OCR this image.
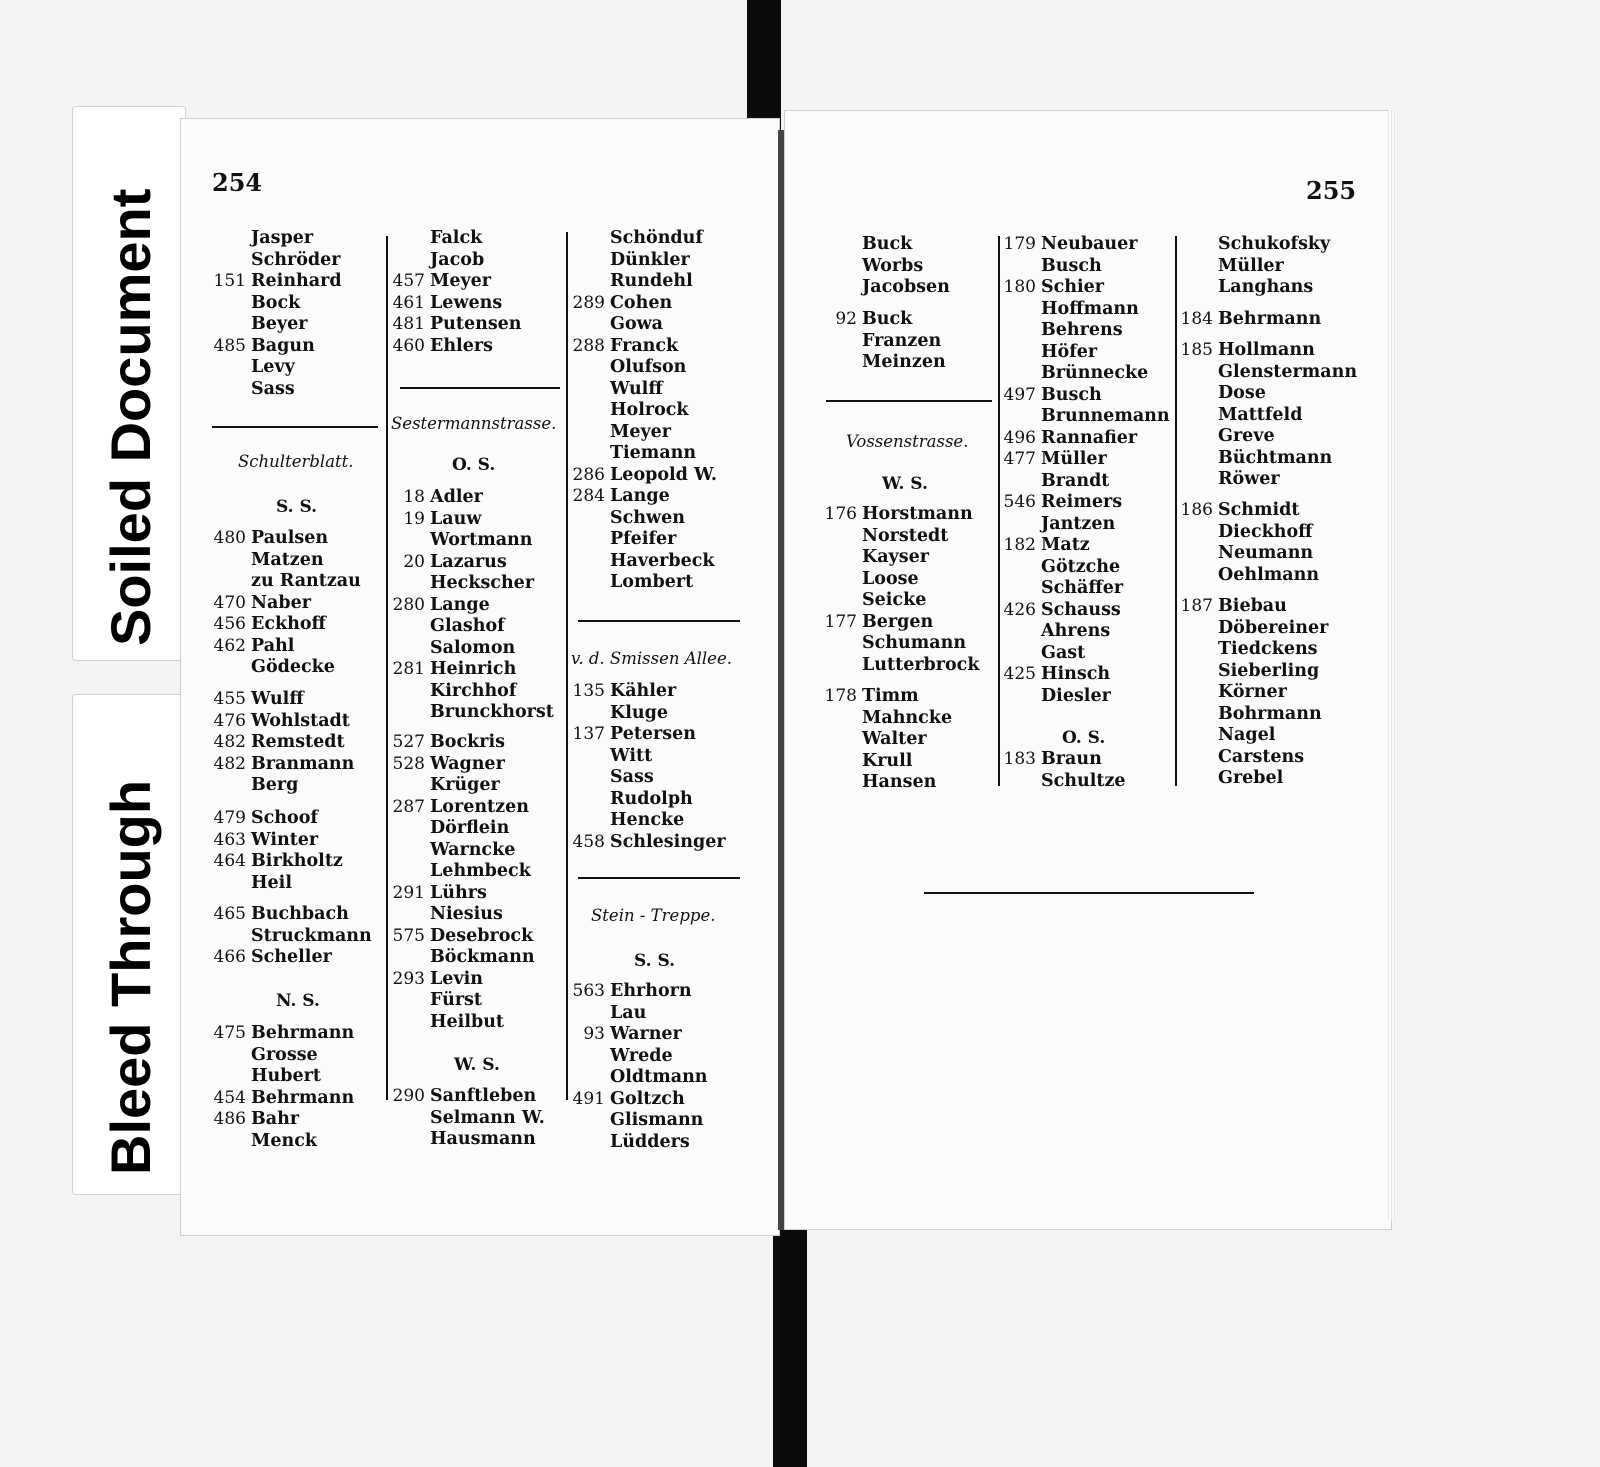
Soiled Document
Bleed Through
254	255
Jasper
Schröder
151 Reinhard
Bock
Beyer
485 Bagun
Levy
Sass
Schulterblatt.
S. S.
480 Paulsen
Matzen
zu Rantzau
470 Naber
456 Eckhoff
462 Pahl
Gödecke
455 Wulff
476 Wohlstadt
482 Remstedt
482 Branmann
Berg
479 Schoof
463 Winter
464 Birkholtz
Heil
465 Buchbach
Struckmann
466 Scheller
N. S.
475 Behrmann
Grosse
Hubert
454 Behrmann
486 Bahr
Menck
Falck
Jacob
457 Meyer
461 Lewens
481 Putensen
460 Ehlers
Sestermannstrasse.
O. S.
18 Adler
19 Lauw
Wortmann
20 Lazarus
Heckscher
280 Lange
Glashof
Salomon
281 Heinrich
Kirchhof
Brunckhorst
527 Bockris
528 Wagner
Krüger
287 Lorentzen
Dörflein
Warncke
Lehmbeck
291 Lührs
Niesius
575 Desebrock
Böckmann
293 Levin
Fürst
Heilbut
W. S.
290 Sanftleben
Selmann W.
Hausmann
Schönduf
Dünkler
Rundehl
289 Cohen
Gowa
288 Franck
Olufson
Wulff
Holrock
Meyer
Tiemann
286 Leopold W.
284 Lange
Schwen
Pfeifer
Haverbeck
Lombert
v. d. Smissen Allee.
135 Kähler
Kluge
137 Petersen
Witt
Sass
Rudolph
Hencke
458 Schlesinger
Stein - Treppe.
S. S.
563 Ehrhorn
Lau
93 Warner
Wrede
Oldtmann
491 Goltzch
Glismann
Lüdders
Buck
Worbs
Jacobsen
92 Buck
Franzen
Meinzen
Vossenstrasse.
W. S.
176 Horstmann
Norstedt
Kayser
Loose
Seicke
177 Bergen
Schumann
Lutterbrock
178 Timm
Mahncke
Walter
Krull
Hansen
179 Neubauer
Busch
180 Schier
Hoffmann
Behrens
Höfer
Brünnecke
497 Busch
Brunnemann
496 Rannafier
477 Müller
Brandt
546 Reimers
Jantzen
182 Matz
Götzche
Schäffer
426 Schauss
Ahrens
Gast
425 Hinsch
Diesler
O. S.
183 Braun
Schultze
Schukofsky
Müller
Langhans
184 Behrmann
185 Hollmann
Glenstermann
Dose
Mattfeld
Greve
Büchtmann
Röwer
186 Schmidt
Dieckhoff
Neumann
Oehlmann
187 Biebau
Döbereiner
Tiedckens
Sieberling
Körner
Bohrmann
Nagel
Carstens
Grebel
